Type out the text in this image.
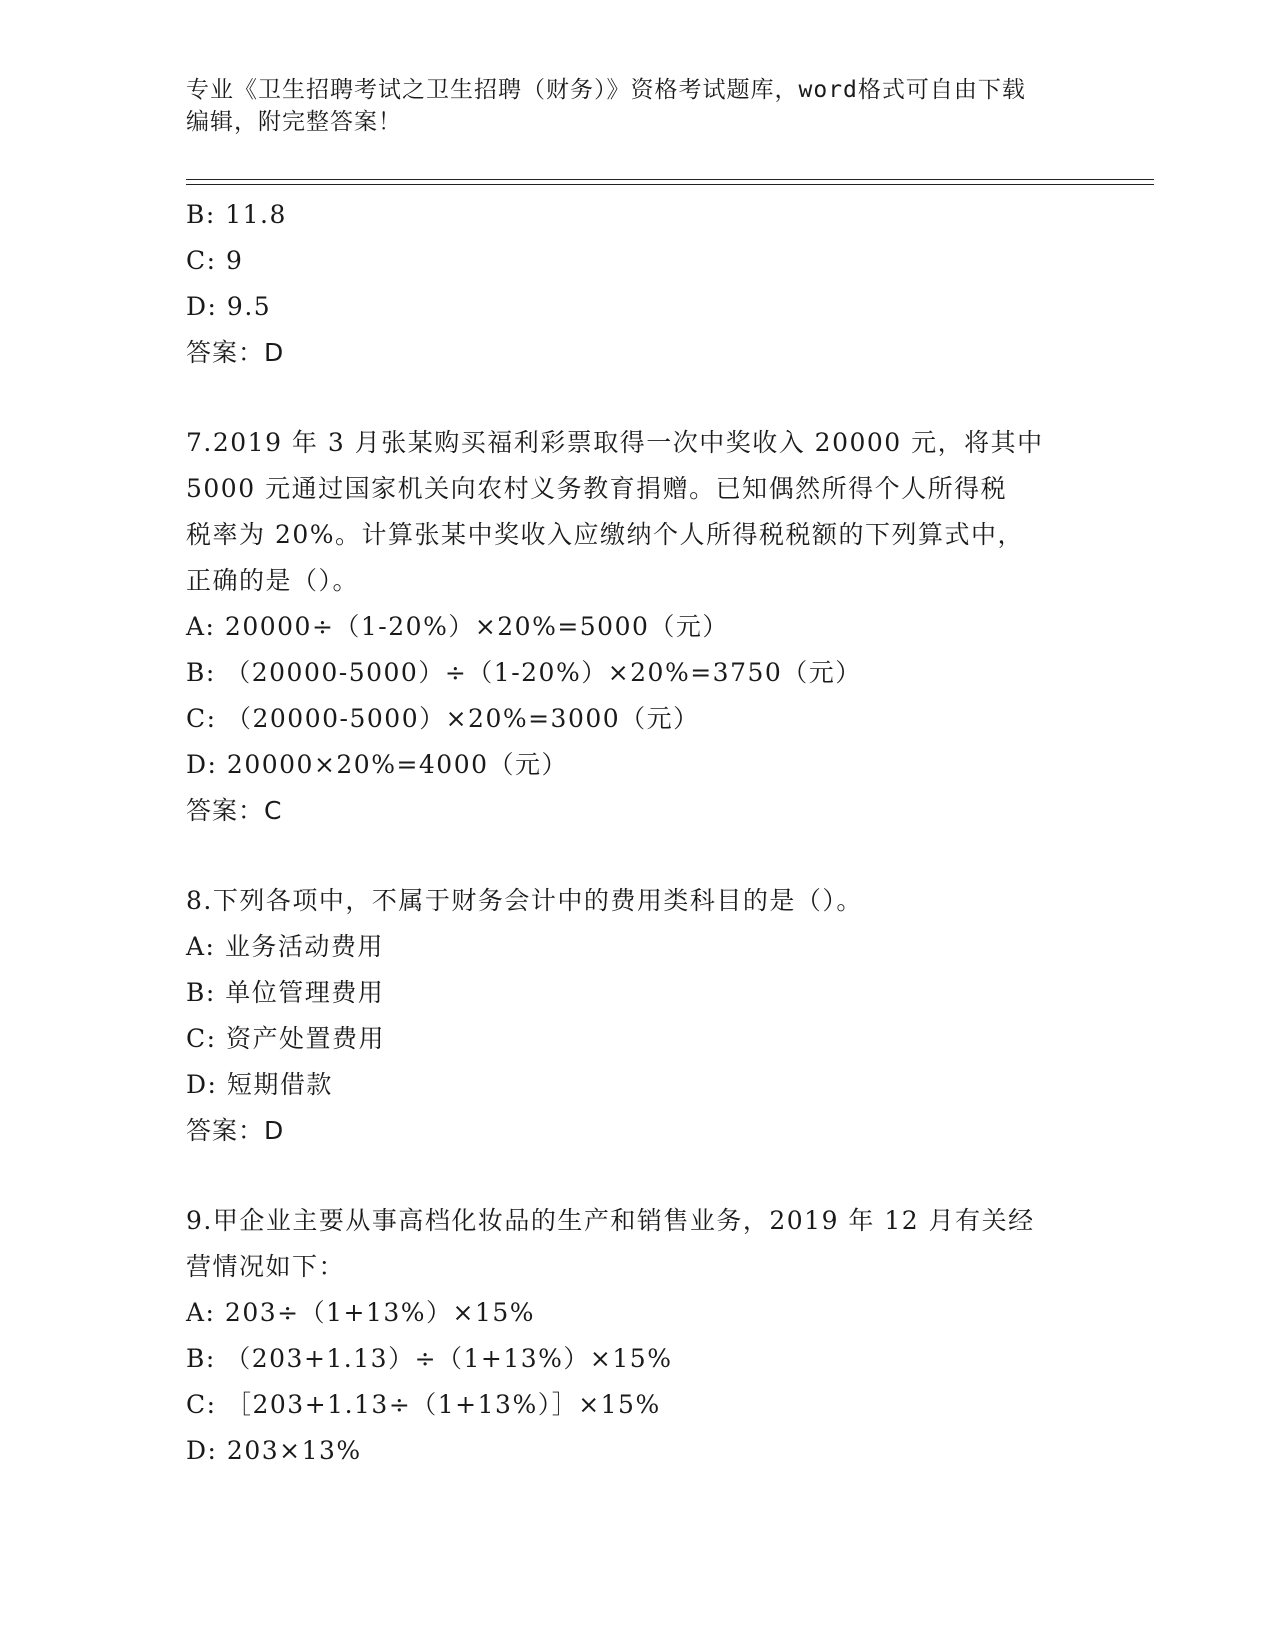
专业《卫生招聘考试之卫生招聘（财务）》资格考试题库，word格式可自由下载
编辑，附完整答案！
B: 11.8
C: 9
D: 9.5
答案：D
7.2019 年 3 月张某购买福利彩票取得一次中奖收入 20000 元，将其中
5000 元通过国家机关向农村义务教育捐赠。已知偶然所得个人所得税
税率为 20%。计算张某中奖收入应缴纳个人所得税税额的下列算式中，
正确的是（）。
A: 20000÷（1-20%）×20%=5000（元）
B: （20000-5000）÷（1-20%）×20%=3750（元）
C: （20000-5000）×20%=3000（元）
D: 20000×20%=4000（元）
答案：C
8.下列各项中，不属于财务会计中的费用类科目的是（）。
A: 业务活动费用
B: 单位管理费用
C: 资产处置费用
D: 短期借款
答案：D
9.甲企业主要从事高档化妆品的生产和销售业务，2019 年 12 月有关经
营情况如下：
A: 203÷（1+13%）×15%
B: （203+1.13）÷（1+13%）×15%
C: ［203+1.13÷（1+13%）］×15%
D: 203×13%
